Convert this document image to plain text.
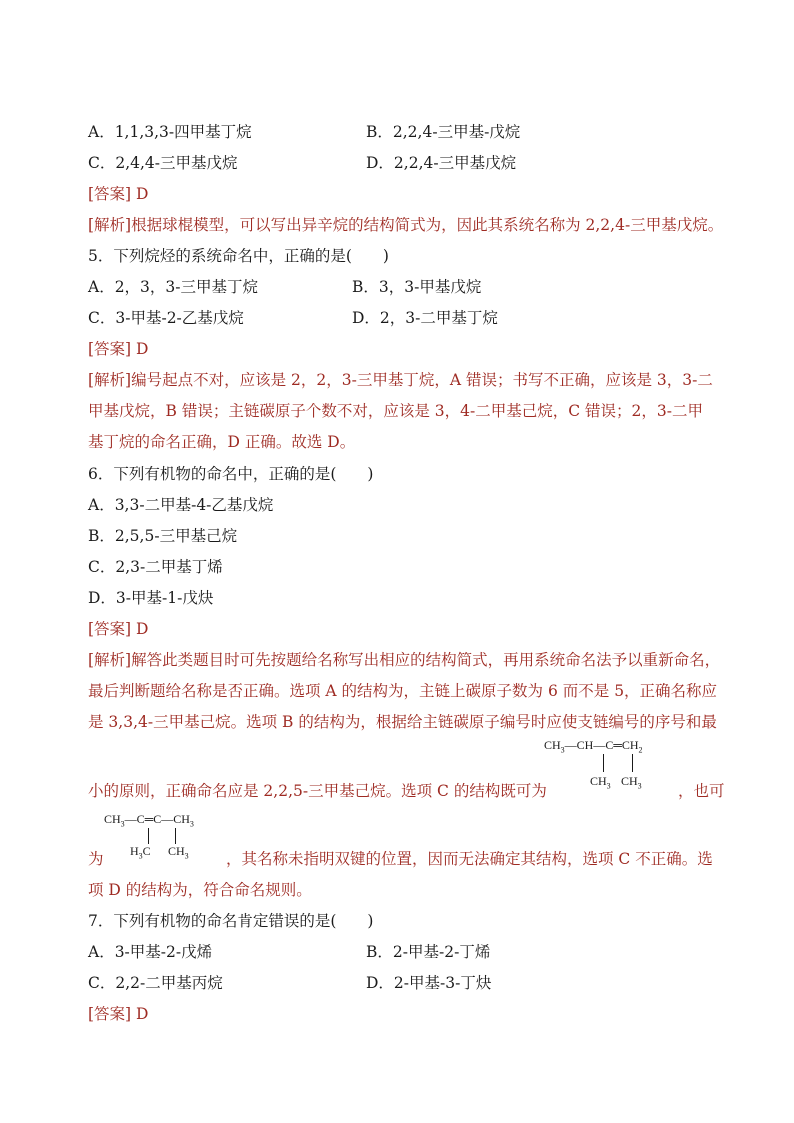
A．1,1,3,3-四甲基丁烷	B．2,2,4-三甲基-戊烷
C．2,4,4-三甲基戊烷	D．2,2,4-三甲基戊烷
[答案] D
[解析]根据球棍模型，可以写出异辛烷的结构简式为，因此其系统名称为 2,2,4-三甲基戊烷。
5．下列烷烃的系统命名中，正确的是(　　)
A．2，3，3-三甲基丁烷	B．3，3-甲基戊烷
C．3-甲基-2-乙基戊烷	D．2，3-二甲基丁烷
[答案] D
[解析]编号起点不对，应该是 2，2，3-三甲基丁烷，A 错误；书写不正确，应该是 3，3-二
甲基戊烷，B 错误；主链碳原子个数不对，应该是 3，4-二甲基己烷，C 错误；2，3-二甲
基丁烷的命名正确，D 正确。故选 D。
6．下列有机物的命名中，正确的是(　　)
A．3,3-二甲基-4-乙基戊烷
B．2,5,5-三甲基己烷
C．2,3-二甲基丁烯
D．3-甲基-1-戊炔
[答案] D
[解析]解答此类题目时可先按题给名称写出相应的结构简式，再用系统命名法予以重新命名，
最后判断题给名称是否正确。选项 A 的结构为，主链上碳原子数为 6 而不是 5，正确名称应
是 3,3,4-三甲基己烷。选项 B 的结构为，根据给主链碳原子编号时应使支链编号的序号和最
$CH_3—CH—C═CH_2$
$CH_3$ $CH_3$
小的原则，正确命名应是 2,2,5-三甲基己烷。选项 C 的结构既可为	，也可
$CH_3—C═C—CH_3$
$H_3C$ $CH_3$
为	，其名称未指明双键的位置，因而无法确定其结构，选项 C 不正确。选
项 D 的结构为，符合命名规则。
7．下列有机物的命名肯定错误的是(　　)
A．3-甲基-2-戊烯	B．2-甲基-2-丁烯
C．2,2-二甲基丙烷	D．2-甲基-3-丁炔
[答案] D
